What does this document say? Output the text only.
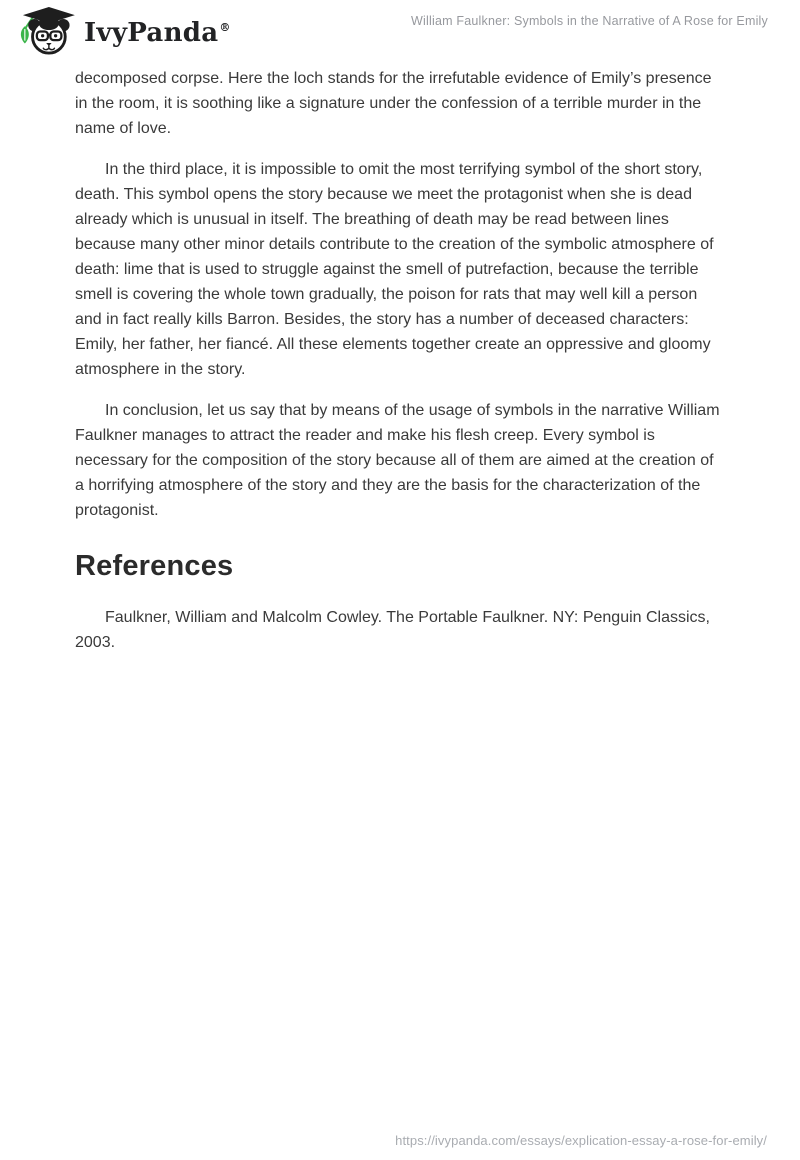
IvyPanda®	William Faulkner: Symbols in the Narrative of A Rose for Emily

decomposed corpse. Here the loch stands for the irrefutable evidence of Emily’s presence in the room, it is soothing like a signature under the confession of a terrible murder in the name of love.

In the third place, it is impossible to omit the most terrifying symbol of the short story, death. This symbol opens the story because we meet the protagonist when she is dead already which is unusual in itself. The breathing of death may be read between lines because many other minor details contribute to the creation of the symbolic atmosphere of death: lime that is used to struggle against the smell of putrefaction, because the terrible smell is covering the whole town gradually, the poison for rats that may well kill a person and in fact really kills Barron. Besides, the story has a number of deceased characters: Emily, her father, her fiancé. All these elements together create an oppressive and gloomy atmosphere in the story.

In conclusion, let us say that by means of the usage of symbols in the narrative William Faulkner manages to attract the reader and make his flesh creep. Every symbol is necessary for the composition of the story because all of them are aimed at the creation of a horrifying atmosphere of the story and they are the basis for the characterization of the protagonist.

References

Faulkner, William and Malcolm Cowley. The Portable Faulkner. NY: Penguin Classics, 2003.

https://ivypanda.com/essays/explication-essay-a-rose-for-emily/
